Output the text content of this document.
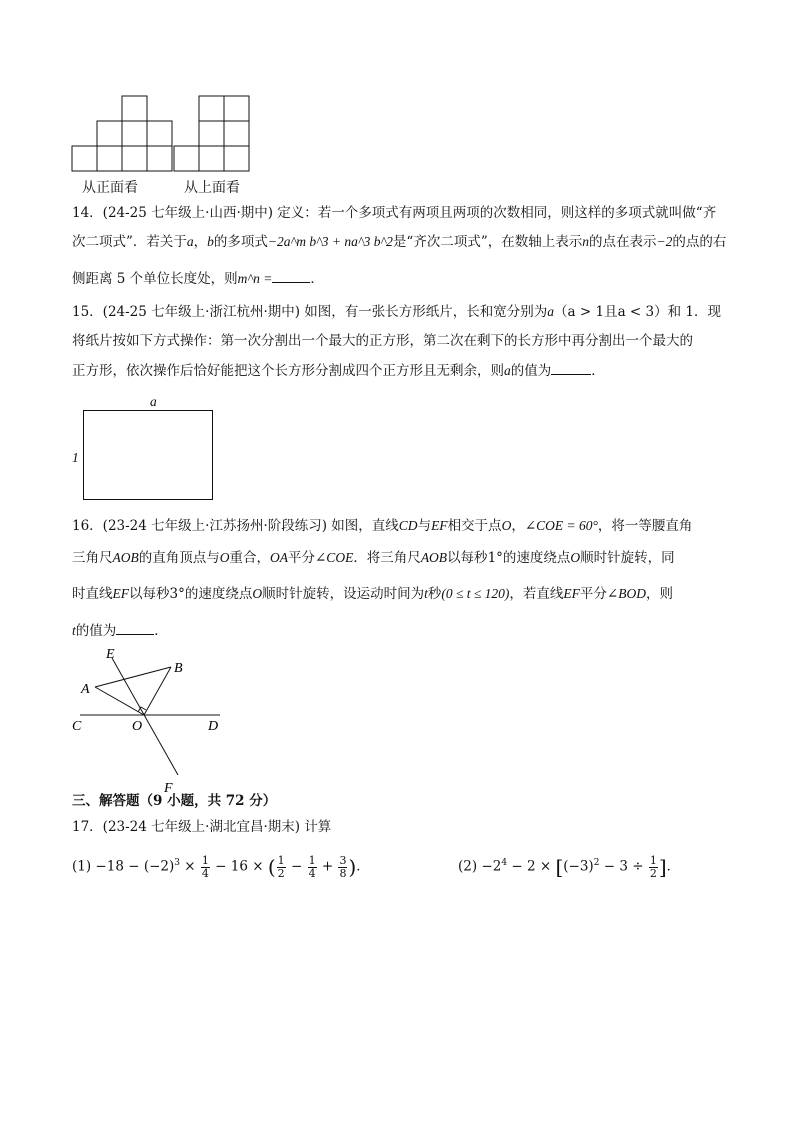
从正面看	从上面看
14．(24-25 七年级上·山西·期中) 定义：若一个多项式有两项且两项的次数相同，则这样的多项式就叫做“齐
次二项式”．若关于a，b的多项式−2a^m b^3 + na^3 b^2是“齐次二项式”，在数轴上表示n的点在表示−2的点的右
侧距离 5 个单位长度处，则m^n =	．
15．(24-25 七年级上·浙江杭州·期中) 如图，有一张长方形纸片，长和宽分别为a（a > 1且a < 3）和 1．现
将纸片按如下方式操作：第一次分割出一个最大的正方形，第二次在剩下的长方形中再分割出一个最大的
正方形，依次操作后恰好能把这个长方形分割成四个正方形且无剩余，则a的值为	．
a
1
16．(23-24 七年级上·江苏扬州·阶段练习) 如图，直线CD与EF相交于点O，∠COE = 60°，将一等腰直角
三角尺AOB的直角顶点与O重合，OA平分∠COE．将三角尺AOB以每秒1°的速度绕点O顺时针旋转，同
时直线EF以每秒3°的速度绕点O顺时针旋转，设运动时间为t秒(0 ≤ t ≤ 120)，若直线EF平分∠BOD，则
t的值为	．
E
B
A
C	O	D
F
三、解答题（9 小题，共 72 分）
17．(23-24 七年级上·湖北宜昌·期末) 计算
$(1) -18 - (-2)^3 \times \frac{1}{4} - 16$ × ( $\frac{1}{2} - \frac{1}{4} + \frac{3}{8}$ )．	$(2) -2^4 - 2 \times [(-3)^2 - 3 \div \frac{1}{2}$ ]．
